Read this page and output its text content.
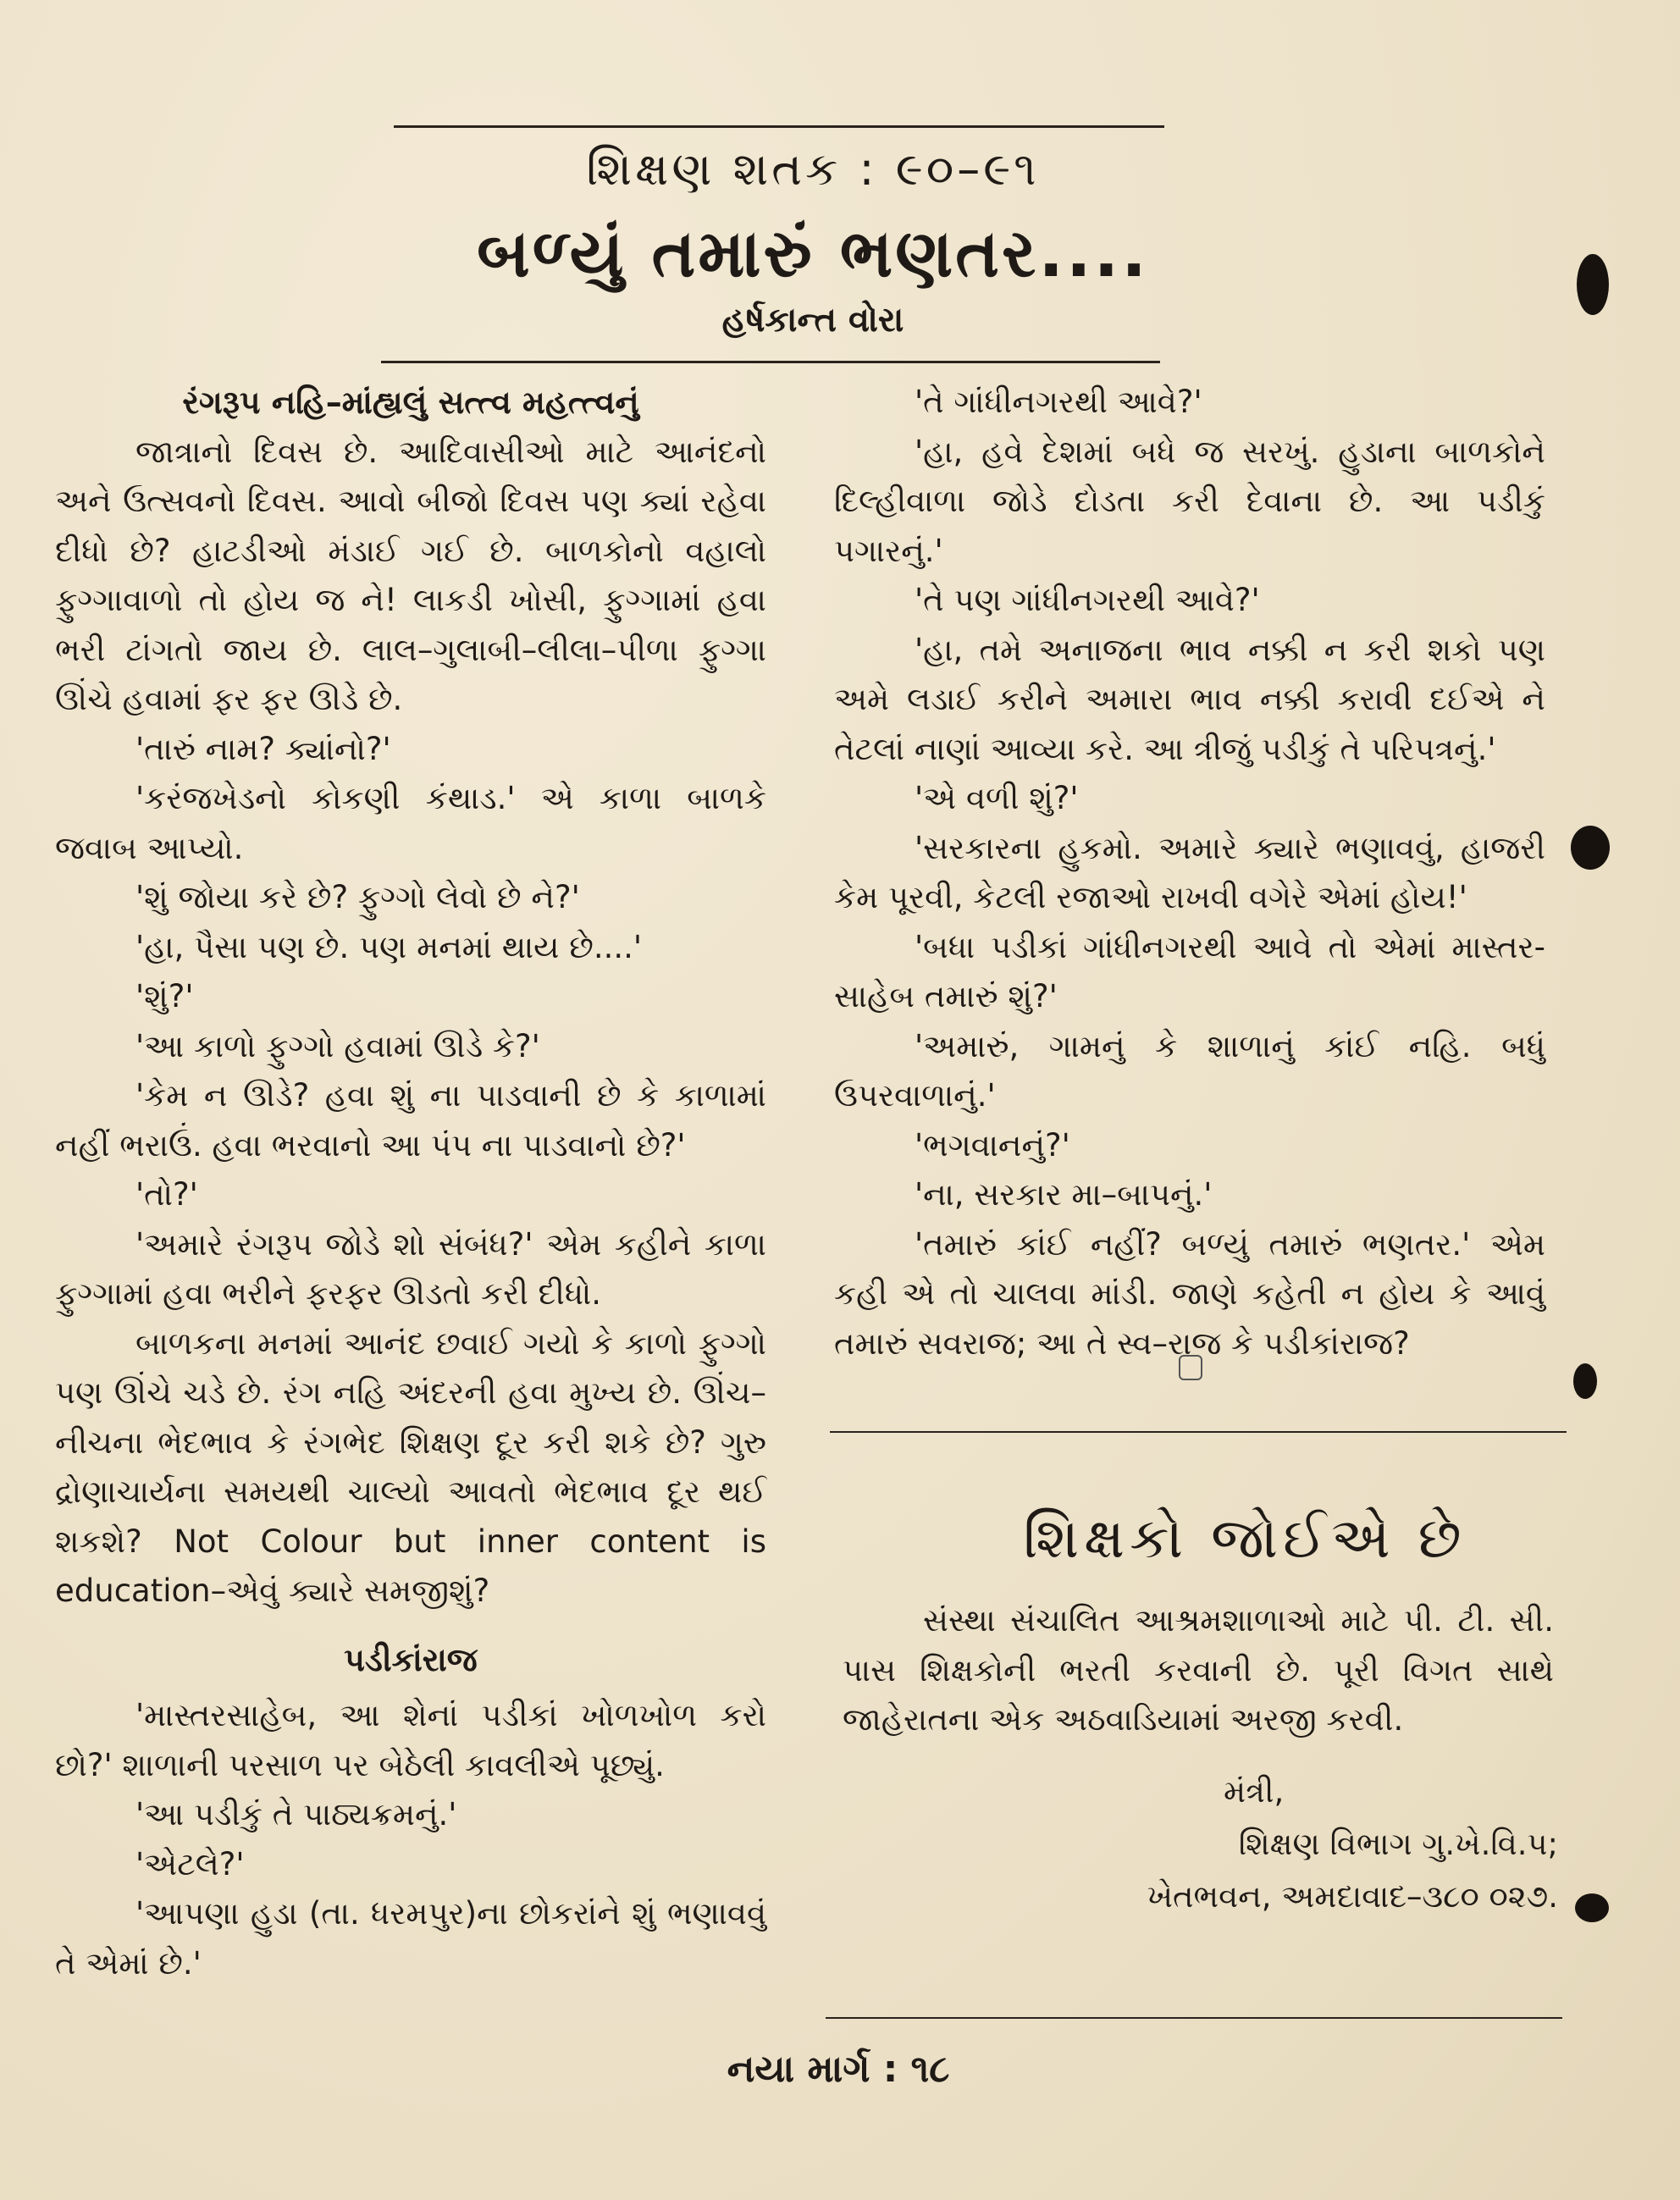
શિક્ષણ શતક : ૯૦–૯૧
બળ્યું તમારું ભણતર....
હર્ષકાન્ત વોરા

રંગરૂપ નહિ–માંહ્યલું સત્ત્વ મહત્ત્વનું

જાત્રાનો દિવસ છે. આદિવાસીઓ માટે આનંદનો અને ઉત્સવનો દિવસ. આવો બીજો દિવસ પણ ક્યાં રહેવા દીધો છે? હાટડીઓ મંડાઈ ગઈ છે. બાળકોનો વહાલો ફુગ્ગાવાળો તો હોય જ ને! લાકડી ખોસી, ફુગ્ગામાં હવા ભરી ટાંગતો જાય છે. લાલ–ગુલાબી–લીલા–પીળા ફુગ્ગા ઊંચે હવામાં ફર ફર ઊડે છે.

'તારું નામ? ક્યાંનો?'

'કરંજખેડનો કોકણી કંથાડ.' એ કાળા બાળકે જવાબ આપ્યો.

'શું જોયા કરે છે? ફુગ્ગો લેવો છે ને?'

'હા, પૈસા પણ છે. પણ મનમાં થાય છે....'

'શું?'

'આ કાળો ફુગ્ગો હવામાં ઊડે કે?'

'કેમ ન ઊડે? હવા શું ના પાડવાની છે કે કાળામાં નહીં ભરાઉં. હવા ભરવાનો આ પંપ ના પાડવાનો છે?'

'તો?'

'અમારે રંગરૂપ જોડે શો સંબંધ?' એમ કહીને કાળા ફુગ્ગામાં હવા ભરીને ફરફર ઊડતો કરી દીધો.

બાળકના મનમાં આનંદ છવાઈ ગયો કે કાળો ફુગ્ગો પણ ઊંચે ચડે છે. રંગ નહિ અંદરની હવા મુખ્ય છે. ઊંચ–નીચના ભેદભાવ કે રંગભેદ શિક્ષણ દૂર કરી શકે છે? ગુરુ દ્રોણાચાર્યના સમયથી ચાલ્યો આવતો ભેદભાવ દૂર થઈ શકશે? Not Colour but inner content is education–એવું ક્યારે સમજીશું?

પડીકાંરાજ

'માસ્તરસાહેબ, આ શેનાં પડીકાં ખોળખોળ કરો છો?' શાળાની પરસાળ પર બેઠેલી કાવલીએ પૂછ્યું.

'આ પડીકું તે પાઠ્યક્રમનું.'

'એટલે?'

'આપણા હુડા (તા. ધરમપુર)ના છોકરાંને શું ભણાવવું તે એમાં છે.'

'તે ગાંધીનગરથી આવે?'

'હા, હવે દેશમાં બધે જ સરખું. હુડાના બાળકોને દિલ્હીવાળા જોડે દોડતા કરી દેવાના છે. આ પડીકું પગારનું.'

'તે પણ ગાંધીનગરથી આવે?'

'હા, તમે અનાજના ભાવ નક્કી ન કરી શકો પણ અમે લડાઈ કરીને અમારા ભાવ નક્કી કરાવી દઈએ ને તેટલાં નાણાં આવ્યા કરે. આ ત્રીજું પડીકું તે પરિપત્રનું.'

'એ વળી શું?'

'સરકારના હુકમો. અમારે ક્યારે ભણાવવું, હાજરી કેમ પૂરવી, કેટલી રજાઓ રાખવી વગેરે એમાં હોય!'

'બધા પડીકાં ગાંધીનગરથી આવે તો એમાં માસ્તર-સાહેબ તમારું શું?'

'અમારું, ગામનું કે શાળાનું કાંઈ નહિ. બધું ઉપરવાળાનું.'

'ભગવાનનું?'

'ના, સરકાર મા–બાપનું.'

'તમારું કાંઈ નહીં? બળ્યું તમારું ભણતર.' એમ કહી એ તો ચાલવા માંડી. જાણે કહેતી ન હોય કે આવું તમારું સવરાજ; આ તે સ્વ–રાજ કે પડીકાંરાજ?

શિક્ષકો જોઈએ છે
સંસ્થા સંચાલિત આશ્રમશાળાઓ માટે પી. ટી. સી. પાસ શિક્ષકોની ભરતી કરવાની છે. પૂરી વિગત સાથે જાહેરાતના એક અઠવાડિયામાં અરજી કરવી.
મંત્રી,
શિક્ષણ વિભાગ ગુ.ખે.વિ.પ;
ખેતભવન, અમદાવાદ–૩૮૦ ૦૨૭.
નયા માર્ગ : ૧૮
